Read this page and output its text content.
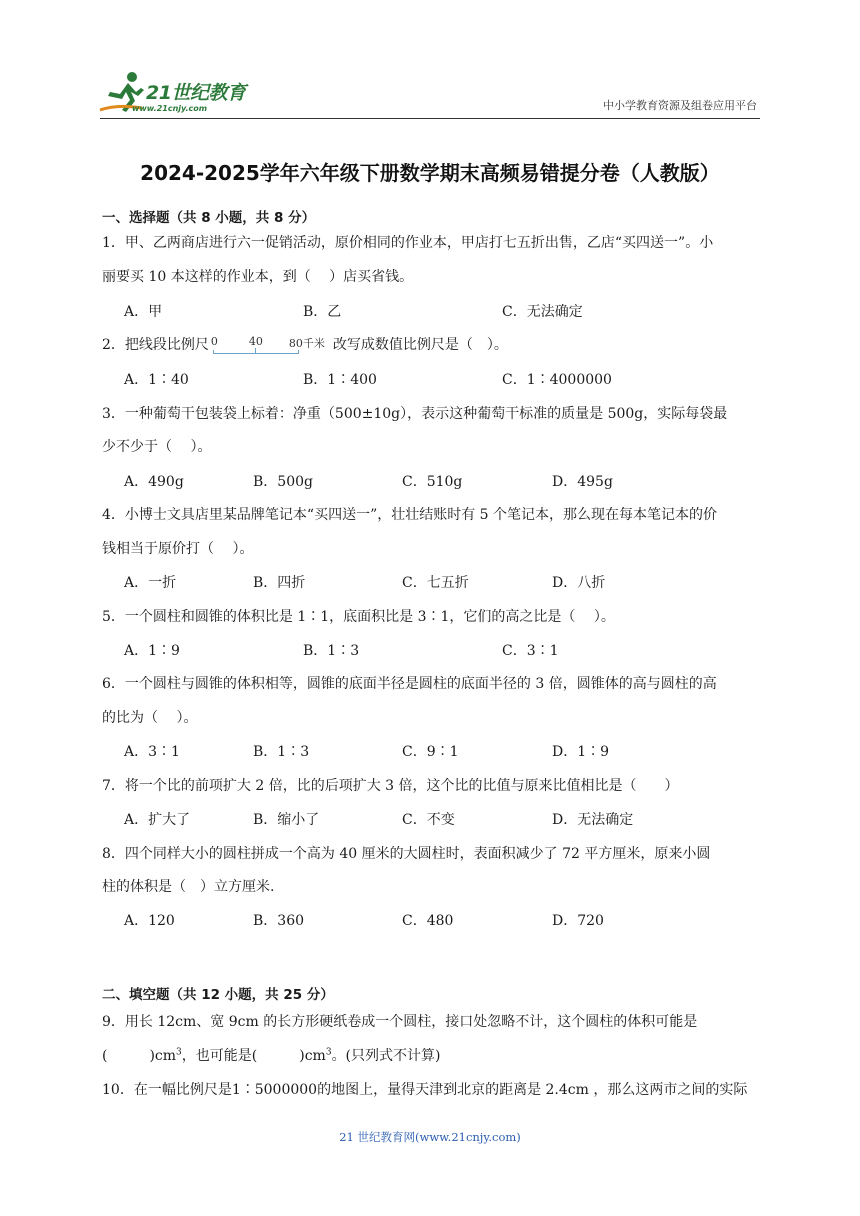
21世纪教育
www.21cnjy.com	中小学教育资源及组卷应用平台
2024-2025学年六年级下册数学期末高频易错提分卷（人教版）
一、选择题（共 8 小题，共 8 分）
1．甲、乙两商店进行六一促销活动，原价相同的作业本，甲店打七五折出售，乙店“买四送一”。小
丽要买 10 本这样的作业本，到（　 ）店买省钱。
A．甲	B．乙	C．无法确定
2．把线段比例尺 0	40 80千米 改写成数值比例尺是（　）。
A．1∶40	B．1∶400	C．1∶4000000
3．一种葡萄干包装袋上标着：净重（500±10g），表示这种葡萄干标准的质量是 500g，实际每袋最
少不少于（　 ）。
A．490g	B．500g	C．510g	D．495g
4．小博士文具店里某品牌笔记本“买四送一”，壮壮结账时有 5 个笔记本，那么现在每本笔记本的价
钱相当于原价打（　 ）。
A．一折	B．四折	C．七五折	D．八折
5．一个圆柱和圆锥的体积比是 1∶1，底面积比是 3∶1，它们的高之比是（　 ）。
A．1∶9	B．1∶3	C．3∶1
6．一个圆柱与圆锥的体积相等，圆锥的底面半径是圆柱的底面半径的 3 倍，圆锥体的高与圆柱的高
的比为（　 ）。
A．3∶1	B．1∶3	C．9∶1	D．1∶9
7．将一个比的前项扩大 2 倍，比的后项扩大 3 倍，这个比的比值与原来比值相比是（　　）
A．扩大了	B．缩小了	C．不变	D．无法确定
8．四个同样大小的圆柱拼成一个高为 40 厘米的大圆柱时，表面积减少了 72 平方厘米，原来小圆
柱的体积是（　）立方厘米.
A．120	B．360	C．480	D．720
二、填空题（共 12 小题，共 25 分）
9．用长 12cm、宽 9cm 的长方形硬纸卷成一个圆柱，接口处忽略不计，这个圆柱的体积可能是
(　　　)$cm^3$，也可能是(　　　)$cm^3$。(只列式不计算)
10．在一幅比例尺是1∶5000000的地图上，量得天津到北京的距离是 2.4cm ，那么这两市之间的实际
21 世纪教育网(www.21cnjy.com)
